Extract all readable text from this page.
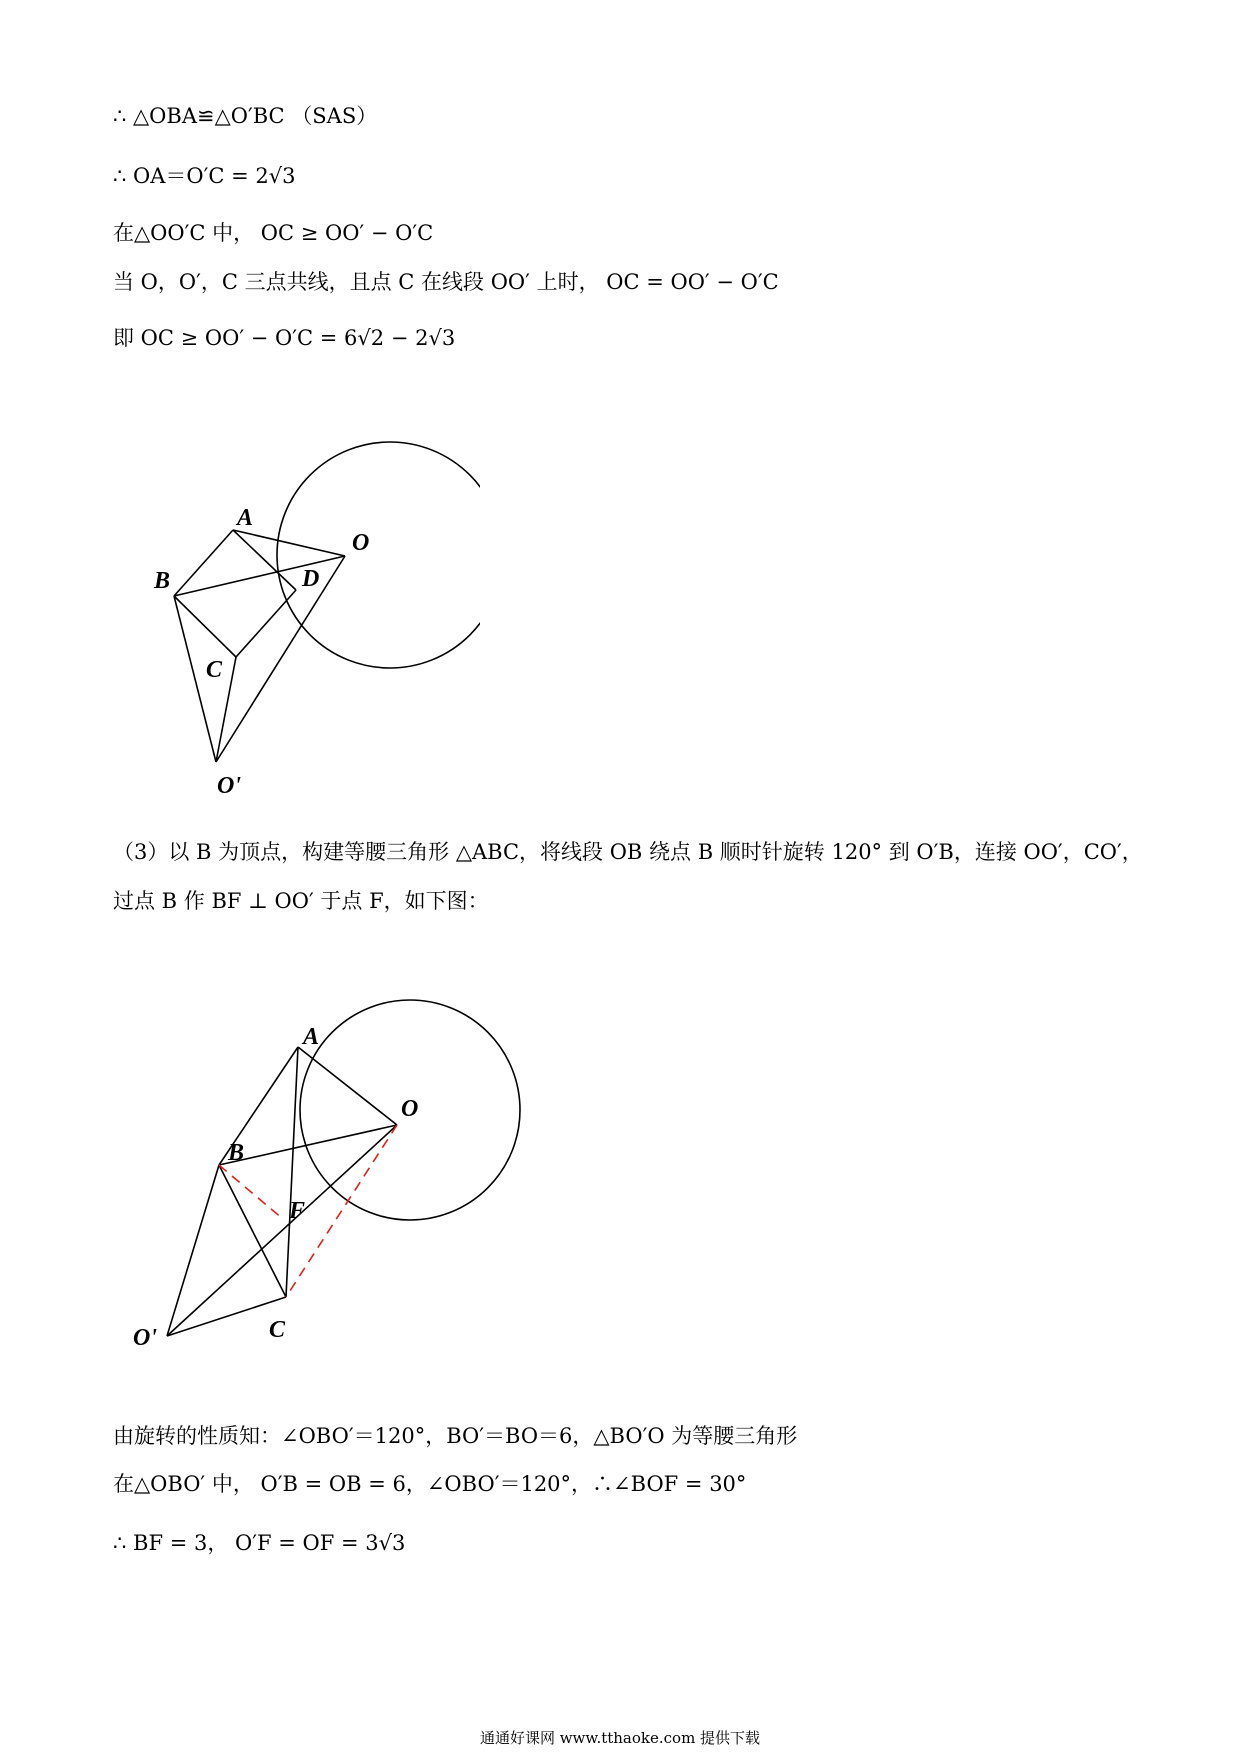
∴ △OBA≌△O′BC （SAS）
∴ OA＝O′C = 2√3
在△OO′C 中， OC ≥ OO′ − O′C
当 O，O′，C 三点共线，且点 C 在线段 OO′ 上时， OC = OO′ − O′C
即 OC ≥ OO′ − O′C = 6√2 − 2√3
A
O
B	D
C
O'
（3）以 B 为顶点，构建等腰三角形 △ABC，将线段 OB 绕点 B 顺时针旋转 120° 到 O′B，连接 OO′，CO′，
过点 B 作 BF ⊥ OO′ 于点 F，如下图：
A
O
B
F
C
O'
由旋转的性质知：∠OBO′＝120°，BO′＝BO＝6，△BO′O 为等腰三角形
在△OBO′ 中， O′B = OB = 6，∠OBO′＝120°，∴∠BOF = 30°
∴ BF = 3， O′F = OF = 3√3
通通好课网 www.tthaoke.com 提供下载
